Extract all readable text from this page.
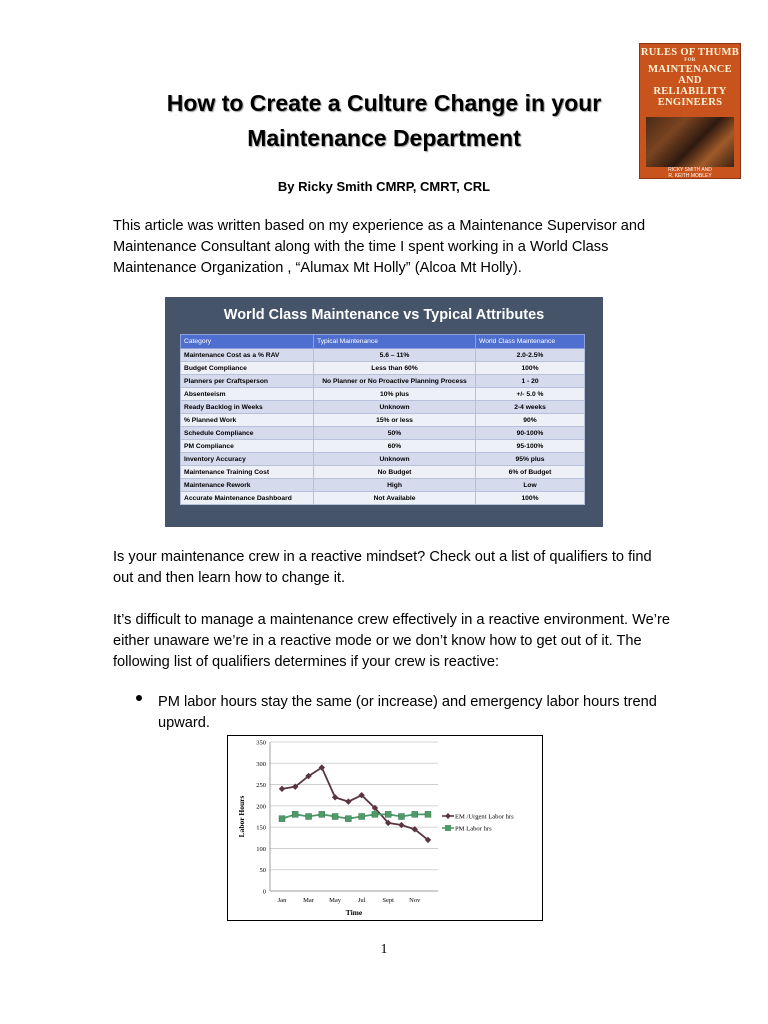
How to Create a Culture Change in your
Maintenance Department
RULES OF THUMB
FOR
MAINTENANCE AND
RELIABILITY
ENGINEERS
RICKY SMITH AND
R. KEITH MOBLEY
By Ricky Smith CMRP, CMRT, CRL
This article was written based on my experience as a Maintenance Supervisor and Maintenance Consultant along with the time I spent working in a World Class Maintenance Organization , “Alumax Mt Holly” (Alcoa Mt Holly).
World Class Maintenance vs Typical Attributes
Category	Typical Maintenance	World Class Maintenance
Maintenance Cost as a % RAV	5.6 – 11%	2.0-2.5%
Budget Compliance	Less than 60%	100%
Planners per Craftsperson	No Planner or No Proactive Planning Process	1 - 20
Absenteeism	10% plus	+/- 5.0 %
Ready Backlog in Weeks	Unknown	2-4 weeks
% Planned Work	15% or less	90%
Schedule Compliance	50%	90-100%
PM Compliance	60%	95-100%
Inventory Accuracy	Unknown	95% plus
Maintenance Training Cost	No Budget	6% of Budget
Maintenance Rework	High	Low
Accurate Maintenance Dashboard	Not Available	100%
Is your maintenance crew in a reactive mindset? Check out a list of qualifiers to find out and then learn how to change it.
It’s difficult to manage a maintenance crew effectively in a reactive environment. We’re either unaware we’re in a reactive mode or we don’t know how to get out of it. The following list of qualifiers determines if your crew is reactive:
PM labor hours stay the same (or increase) and emergency labor hours trend upward.
0
50
100
150
200
250
300
350
Jan	Mar May	Jul	Sept Nov
Time
Labor Hours	EM /Urgent Labor hrs
PM Labor hrs
1
